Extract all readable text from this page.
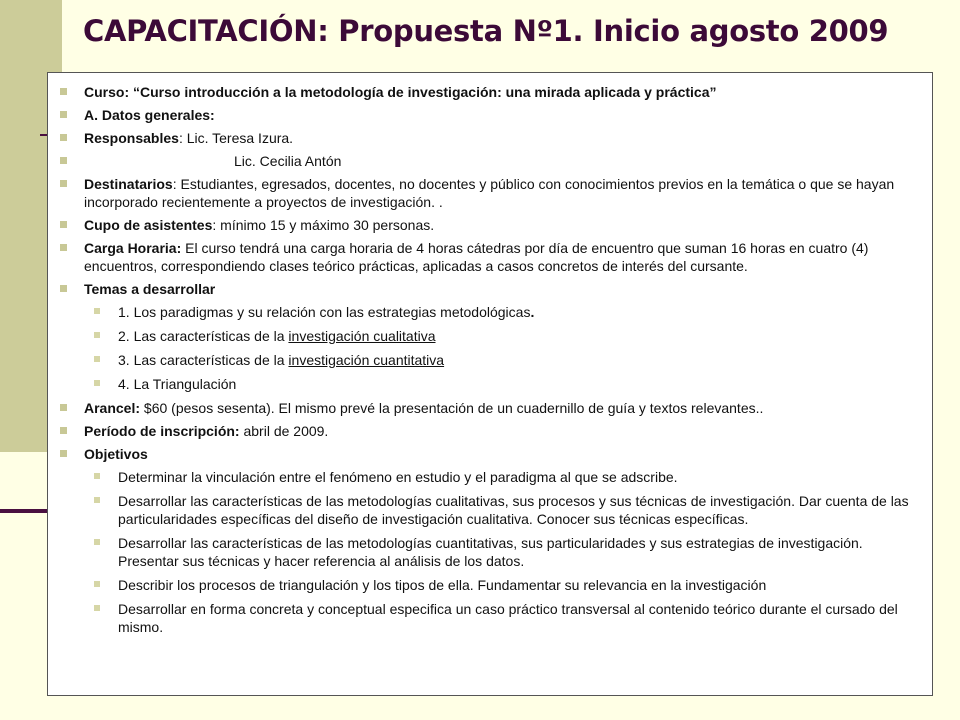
CAPACITACIÓN: Propuesta Nº1. Inicio agosto 2009
Curso: “Curso introducción a la metodología de investigación: una mirada aplicada y práctica”
A. Datos generales:
Responsables: Lic. Teresa Izura.
Lic. Cecilia Antón
Destinatarios: Estudiantes, egresados, docentes, no docentes y público con conocimientos previos en la temática o que se hayan incorporado recientemente a proyectos de investigación. .
Cupo de asistentes: mínimo 15 y máximo 30 personas.
Carga Horaria: El curso tendrá una carga horaria de 4 horas cátedras por día de encuentro que suman 16 horas en cuatro (4) encuentros, correspondiendo clases teórico prácticas, aplicadas a casos concretos de interés del cursante.
Temas a desarrollar
1. Los paradigmas y su relación con las estrategias metodológicas.
2. Las características de la investigación cualitativa
3. Las características de la investigación cuantitativa
4. La Triangulación
Arancel: $60 (pesos sesenta). El mismo prevé la presentación de un cuadernillo de guía y textos relevantes..
Período de inscripción: abril de 2009.
Objetivos
Determinar la vinculación entre el fenómeno en estudio y el paradigma al que se adscribe.
Desarrollar las características de las metodologías cualitativas, sus procesos y sus técnicas de investigación. Dar cuenta de las particularidades específicas del diseño de investigación cualitativa. Conocer sus técnicas específicas.
Desarrollar las características de las metodologías cuantitativas, sus particularidades y sus estrategias de investigación. Presentar sus técnicas y hacer referencia al análisis de los datos.
Describir los procesos de triangulación y los tipos de ella. Fundamentar su relevancia en la investigación
Desarrollar en forma concreta y conceptual especifica un caso práctico transversal al contenido teórico durante el cursado del mismo.
